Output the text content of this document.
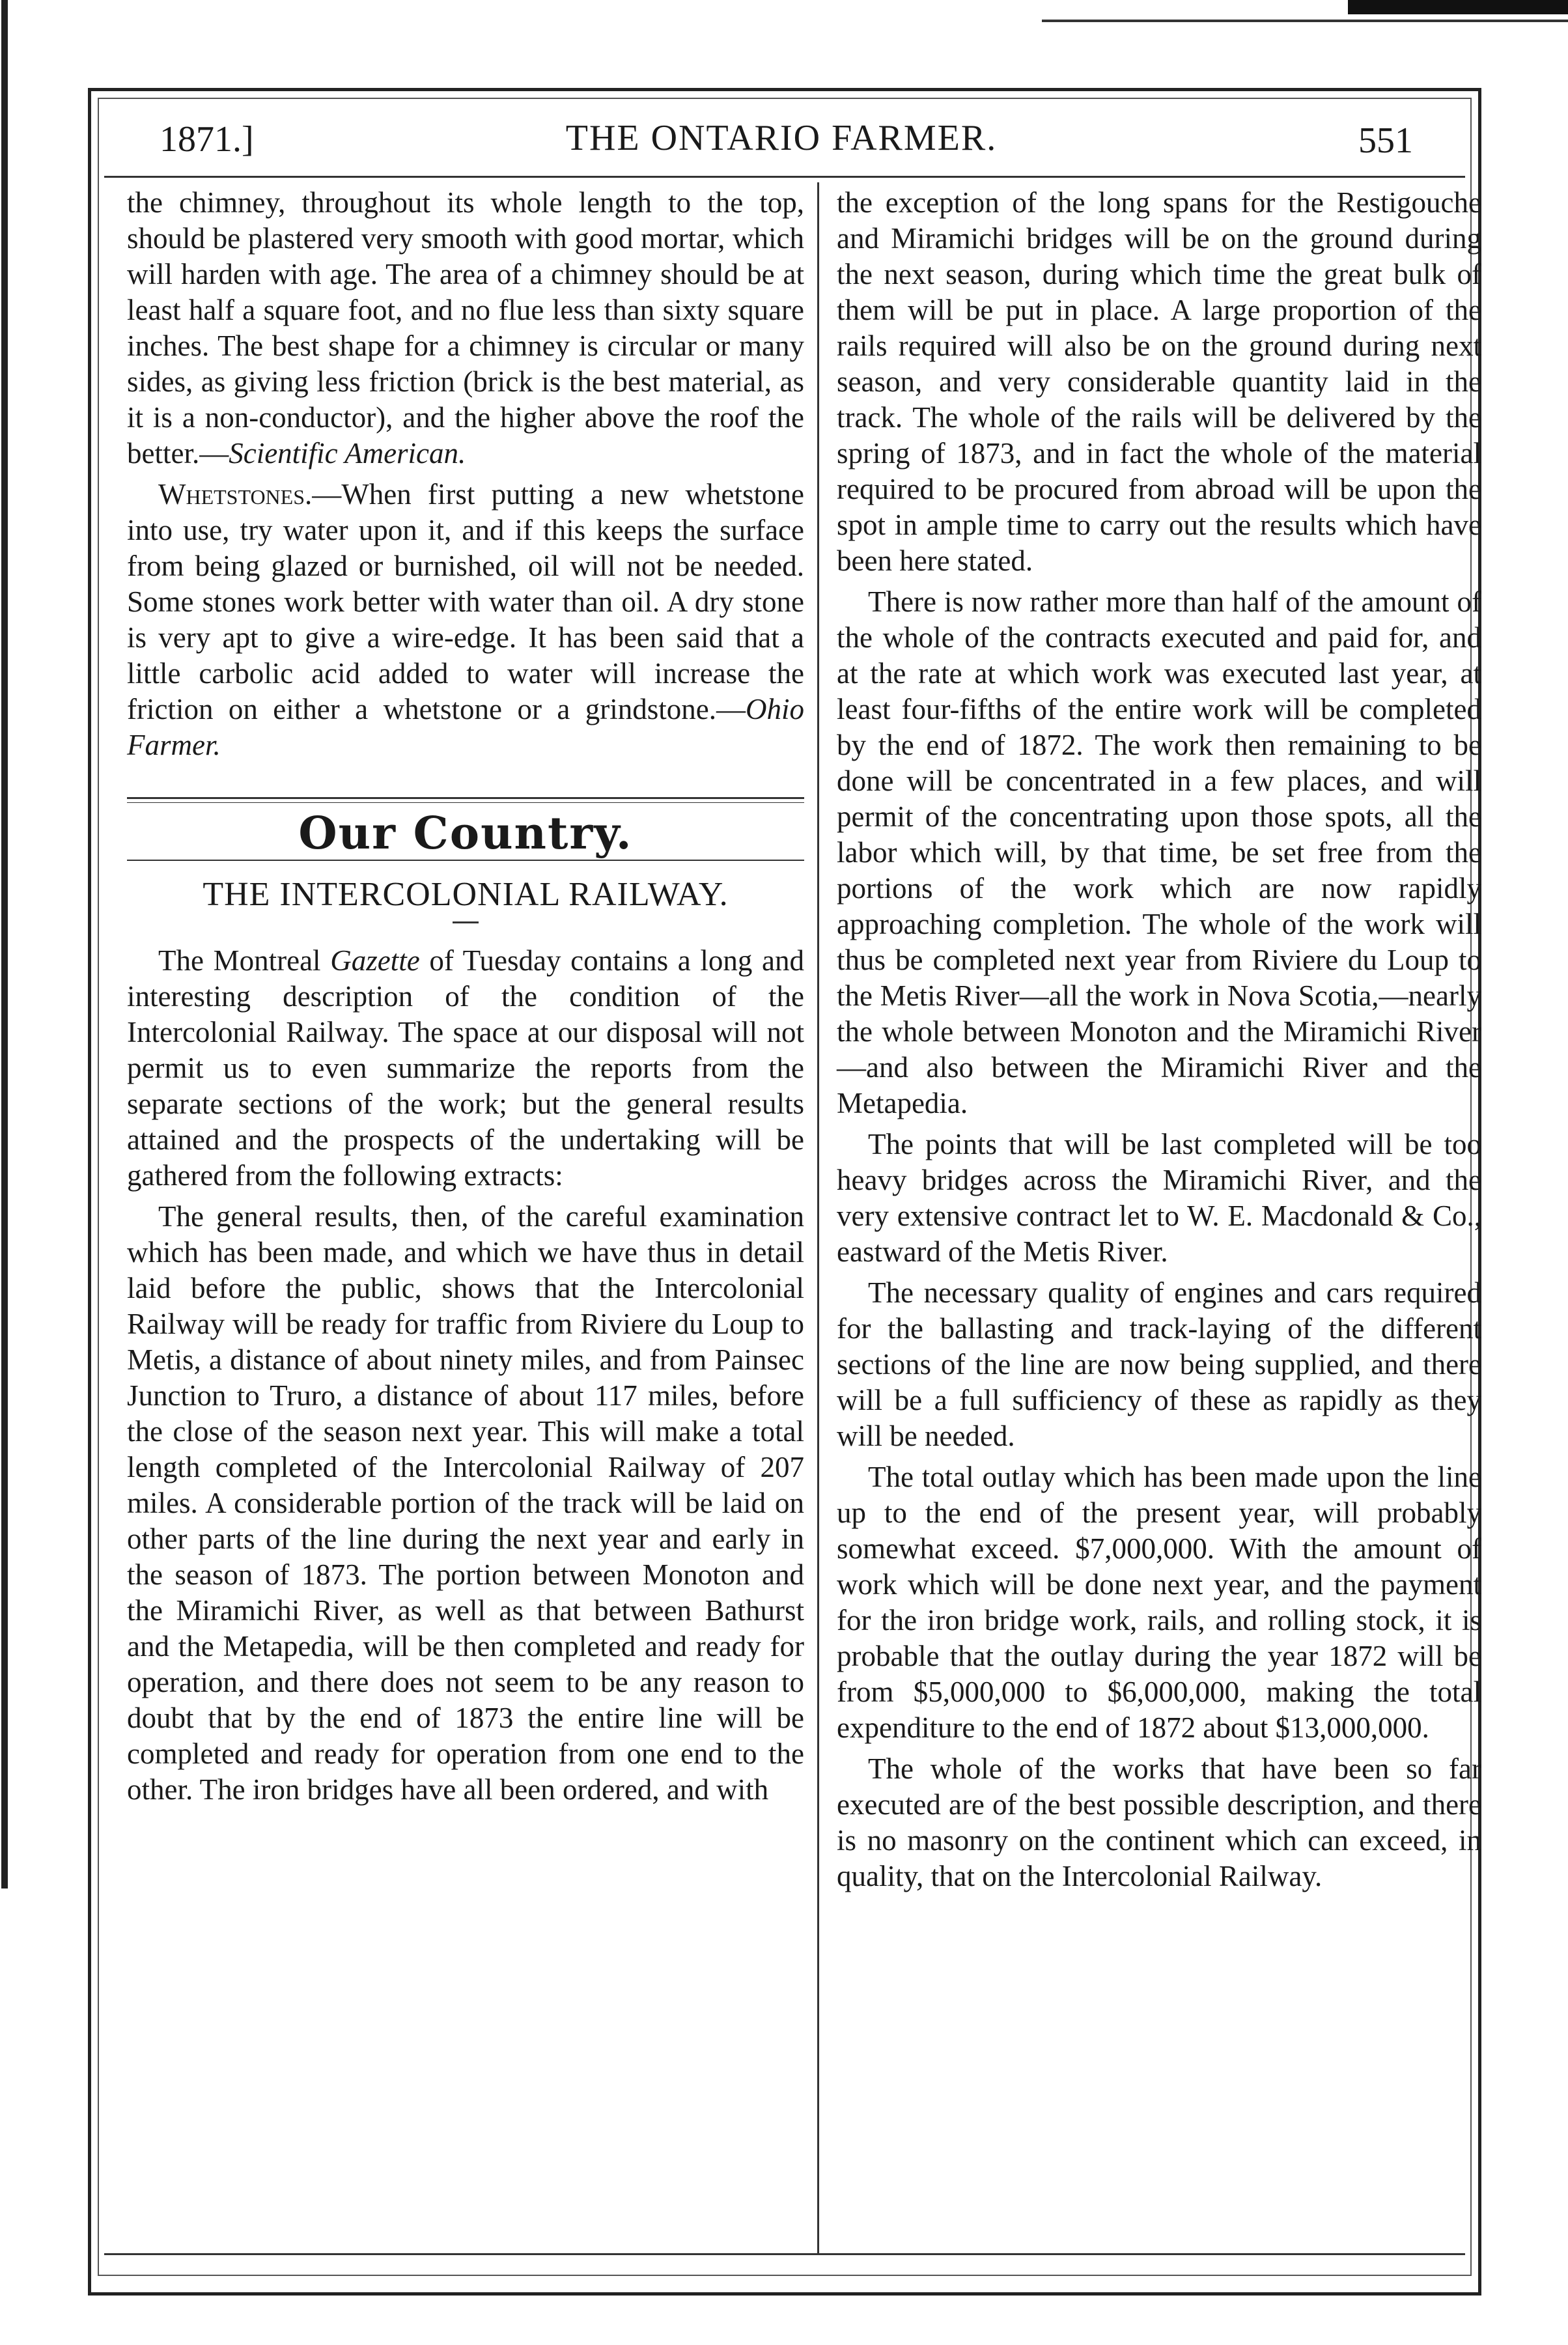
1871.]	THE ONTARIO FARMER.	551

the chimney, throughout its whole length to the top, should be plastered very smooth with good mortar, which will harden with age. The area of a chimney should be at least half a square foot, and no flue less than sixty square inches. The best shape for a chimney is circular or many sides, as giving less friction (brick is the best material, as it is a non-conductor), and the higher above the roof the better.—Scientific American.

Whetstones.—When first putting a new whetstone into use, try water upon it, and if this keeps the surface from being glazed or burnished, oil will not be needed. Some stones work better with water than oil. A dry stone is very apt to give a wire-edge. It has been said that a little carbolic acid added to water will increase the friction on either a whetstone or a grindstone.—Ohio Farmer.

Our Country.
THE INTERCOLONIAL RAILWAY.

The Montreal Gazette of Tuesday contains a long and interesting description of the condition of the Intercolonial Railway. The space at our disposal will not permit us to even summarize the reports from the separate sections of the work; but the general results attained and the prospects of the undertaking will be gathered from the following extracts:

The general results, then, of the careful examination which has been made, and which we have thus in detail laid before the public, shows that the Intercolonial Railway will be ready for traffic from Riviere du Loup to Metis, a distance of about ninety miles, and from Painsec Junction to Truro, a distance of about 117 miles, before the close of the season next year. This will make a total length completed of the Intercolonial Railway of 207 miles. A considerable portion of the track will be laid on other parts of the line during the next year and early in the season of 1873. The portion between Monoton and the Miramichi River, as well as that between Bathurst and the Metapedia, will be then completed and ready for operation, and there does not seem to be any reason to doubt that by the end of 1873 the entire line will be completed and ready for operation from one end to the other. The iron bridges have all been ordered, and with

the exception of the long spans for the Restigouche and Miramichi bridges will be on the ground during the next season, during which time the great bulk of them will be put in place. A large proportion of the rails required will also be on the ground during next season, and very considerable quantity laid in the track. The whole of the rails will be delivered by the spring of 1873, and in fact the whole of the material required to be procured from abroad will be upon the spot in ample time to carry out the results which have been here stated.

There is now rather more than half of the amount of the whole of the contracts executed and paid for, and at the rate at which work was executed last year, at least four-fifths of the entire work will be completed by the end of 1872. The work then remaining to be done will be concentrated in a few places, and will permit of the concentrating upon those spots, all the labor which will, by that time, be set free from the portions of the work which are now rapidly approaching completion. The whole of the work will thus be completed next year from Riviere du Loup to the Metis River—all the work in Nova Scotia,—nearly the whole between Monoton and the Miramichi River—and also between the Miramichi River and the Metapedia.

The points that will be last completed will be too heavy bridges across the Miramichi River, and the very extensive contract let to W. E. Macdonald & Co., eastward of the Metis River.

The necessary quality of engines and cars required for the ballasting and track-laying of the different sections of the line are now being supplied, and there will be a full sufficiency of these as rapidly as they will be needed.

The total outlay which has been made upon the line up to the end of the present year, will probably somewhat exceed. $7,000,000. With the amount of work which will be done next year, and the payment for the iron bridge work, rails, and rolling stock, it is probable that the outlay during the year 1872 will be from $5,000,000 to $6,000,000, making the total expenditure to the end of 1872 about $13,000,000.

The whole of the works that have been so far executed are of the best possible description, and there is no masonry on the continent which can exceed, in quality, that on the Intercolonial Railway.
